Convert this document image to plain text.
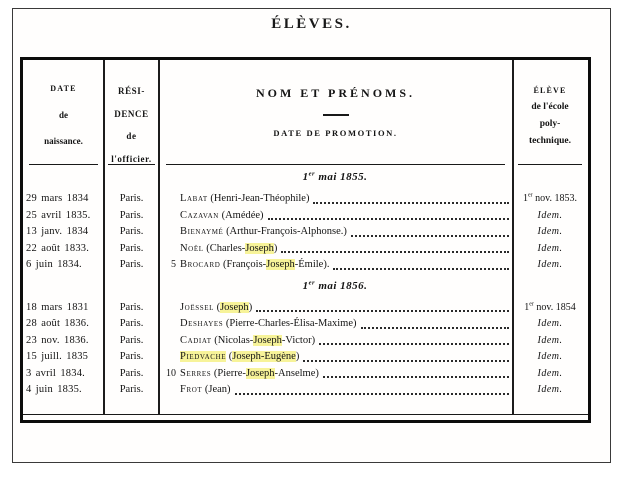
ÉLÈVES.
DATE
de
naissance.
RÉSI-
DENCE
de
l'officier.
NOM ET PRÉNOMS.
DATE DE PROMOTION.
ÉLÈVE
de l'école
poly-
technique.
1er mai 1855.
29 mars 1834	Paris.	Labat (Henri-Jean-Théophile)	1er nov. 1853.
25 avril 1835.	Paris.	Cazavan (Amédée)	Idem.
13 janv. 1834	Paris.	Bienaymé (Arthur-François-Alphonse.)	Idem.
22 août 1833.	Paris.	Noël (Charles-Joseph)	Idem.
6 juin 1834.	Paris.	5 Brocard (François-Joseph-Émile).	Idem.
1er mai 1856.
18 mars 1831	Paris.	Joëssel (Joseph)	1er nov. 1854
28 août 1836.	Paris.	Deshayes (Pierre-Charles-Élisa-Maxime)	Idem.
23 nov. 1836.	Paris.	Cadiat (Nicolas-Joseph-Victor)	Idem.
15 juill. 1835	Paris.	Piedvache (Joseph-Eugène)	Idem.
3 avril 1834.	Paris.	10 Serres (Pierre-Joseph-Anselme)	Idem.
4 juin 1835.	Paris.	Frot (Jean)	Idem.
